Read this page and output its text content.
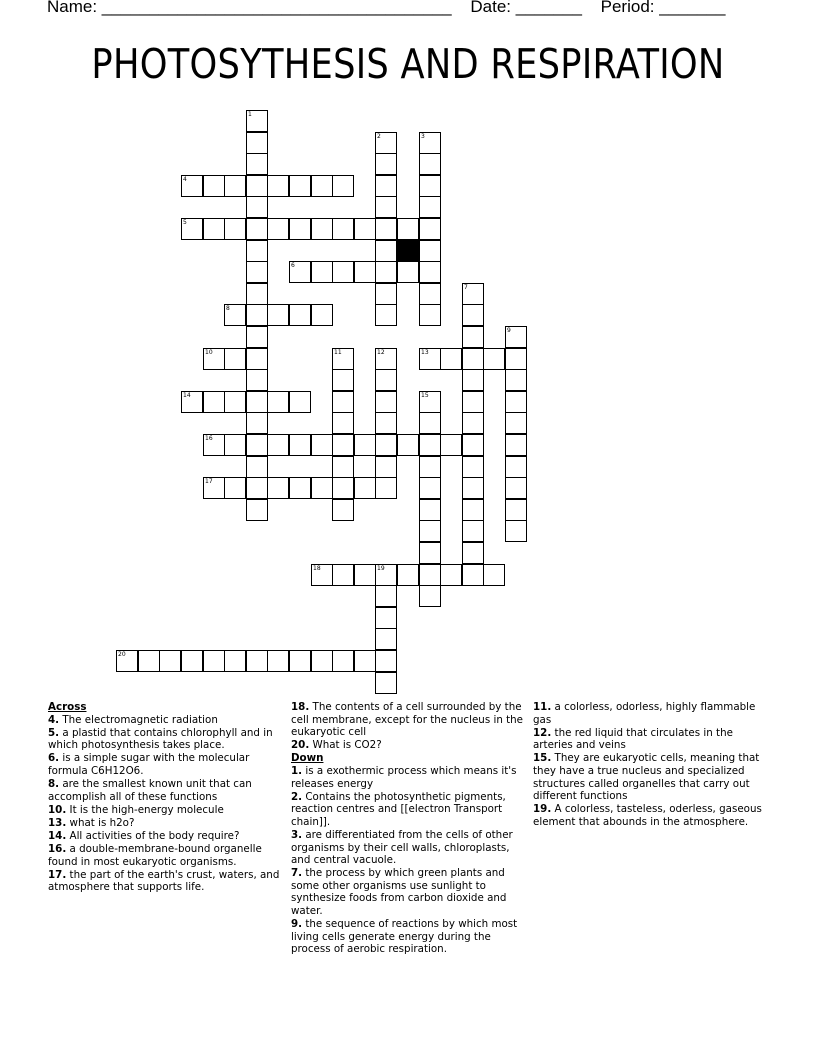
Name: _____________________________________ Date: _______ Period: _______
PHOTOSYTHESIS AND RESPIRATION
4
5
6
8
10	13
14
16
17
18	19
20
1
2	3
7
9
11	12
15
Across
4. The electromagnetic radiation
5. a plastid that contains chlorophyll and in which photosynthesis takes place.
6. is a simple sugar with the molecular formula C6H12O6.
8. are the smallest known unit that can accomplish all of these functions
10. It is the high-energy molecule
13. what is h2o?
14. All activities of the body require?
16. a double-membrane-bound organelle found in most eukaryotic organisms.
17. the part of the earth's crust, waters, and atmosphere that supports life.
18. The contents of a cell surrounded by the cell membrane, except for the nucleus in the eukaryotic cell
20. What is CO2?
Down
1. is a exothermic process which means it's releases energy
2. Contains the photosynthetic pigments, reaction centres and [[electron Transport chain]].
3. are differentiated from the cells of other organisms by their cell walls, chloroplasts, and central vacuole.
7. the process by which green plants and some other organisms use sunlight to synthesize foods from carbon dioxide and water.
9. the sequence of reactions by which most living cells generate energy during the process of aerobic respiration.
11. a colorless, odorless, highly flammable gas
12. the red liquid that circulates in the arteries and veins
15. They are eukaryotic cells, meaning that they have a true nucleus and specialized structures called organelles that carry out different functions
19. A colorless, tasteless, oderless, gaseous element that abounds in the atmosphere.
